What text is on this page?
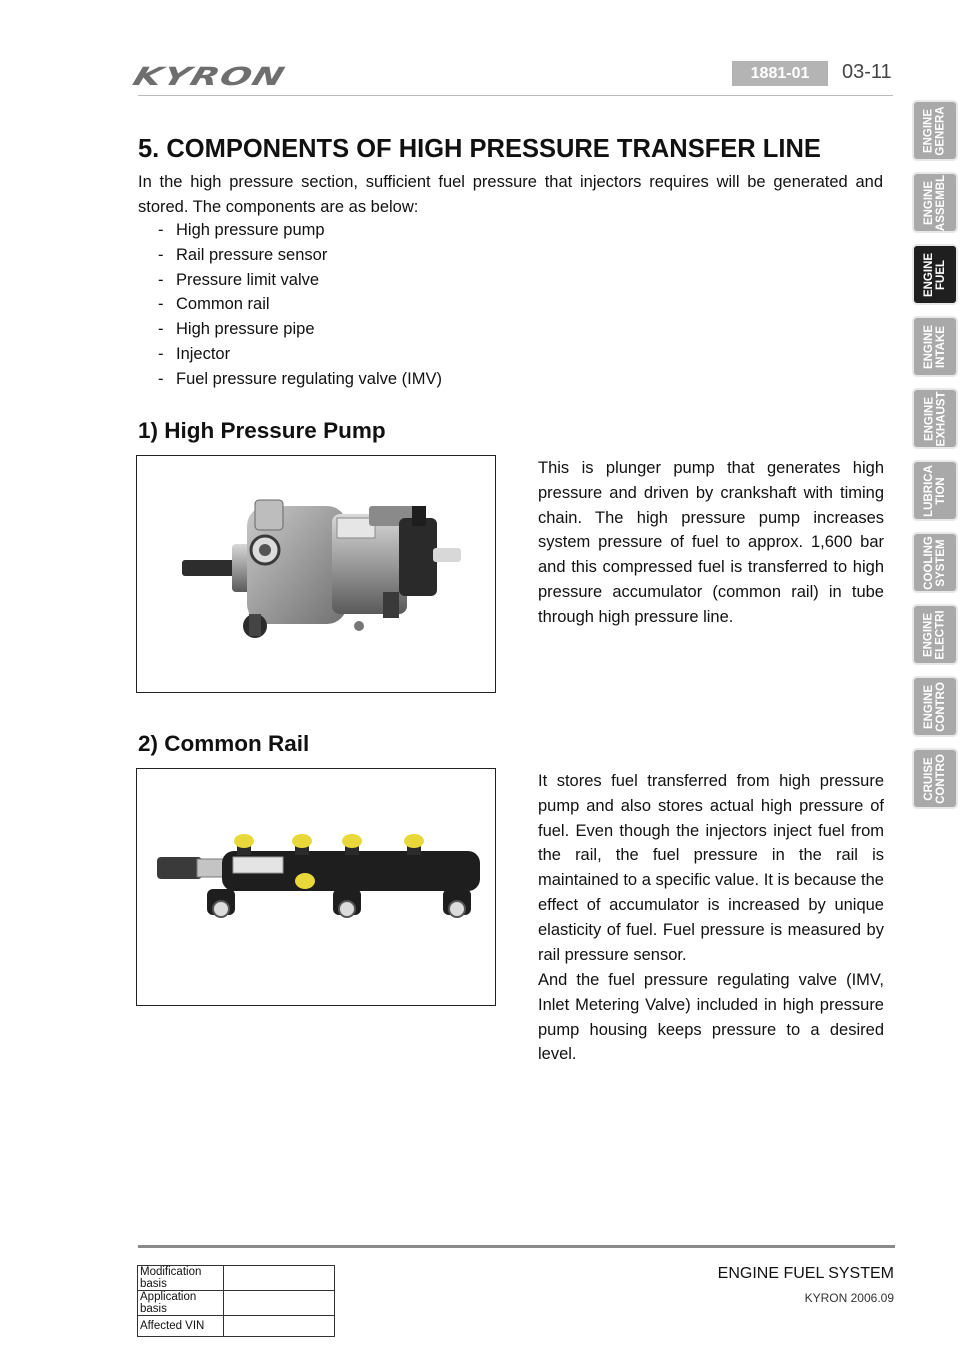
KYRON	1881-01	03-11
5. COMPONENTS OF HIGH PRESSURE TRANSFER LINE

In the high pressure section, sufficient fuel pressure that injectors requires will be generated and stored. The components are as below:

- High pressure pump
- Rail pressure sensor
- Pressure limit valve
- Common rail
- High pressure pipe
- Injector
- Fuel pressure regulating valve (IMV)
1) High Pressure Pump

This is plunger pump that generates high pressure and driven by crankshaft with timing chain. The high pressure pump increases system pressure of fuel to approx. 1,600 bar and this compressed fuel is transferred to high pressure accumulator (common rail) in tube through high pressure line.

2) Common Rail

It stores fuel transferred from high pressure pump and also stores actual high pressure of fuel. Even though the injectors inject fuel from the rail, the fuel pressure in the rail is maintained to a specific value. It is because the effect of accumulator is increased by unique elasticity of fuel. Fuel pressure is measured by rail pressure sensor.

And the fuel pressure regulating valve (IMV, Inlet Metering Valve) included in high pressure pump housing keeps pressure to a desired level.

ENGINE
GENERA
ENGINE
ASSEMBL
ENGINE
FUEL
ENGINE
INTAKE
ENGINE
EXHAUST
LUBRICA
TION
COOLING
SYSTEM
ENGINE
ELECTRI
ENGINE
CONTRO
CRUISE
CONTRO
Modification basis	
Application basis	
Affected VIN	
ENGINE FUEL SYSTEM
KYRON 2006.09
